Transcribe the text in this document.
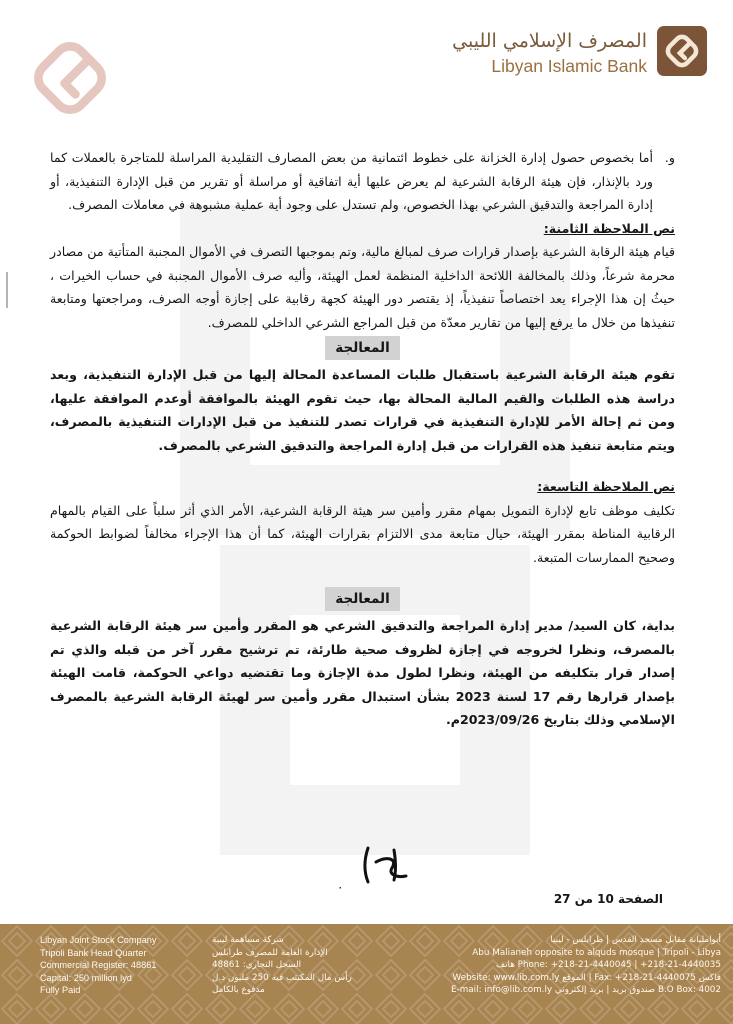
المصرف الإسلامي الليبي
Libyan Islamic Bank

و.
أما بخصوص حصول إدارة الخزانة على خطوط ائتمانية من بعض المصارف التقليدية المراسلة للمتاجرة بالعملات كما ورد بالإنذار، فإن هيئة الرقابة الشرعية لم يعرض عليها أية اتفاقية أو مراسلة أو تقرير من قبل الإدارة التنفيذية، أو إدارة المراجعة والتدقيق الشرعي بهذا الخصوص، ولم تستدل على وجود أية عملية مشبوهة في معاملات المصرف.

نص الملاحظة الثامنة:

قيام هيئة الرقابة الشرعية بإصدار قرارات صرف لمبالغ مالية، وتم بموجبها التصرف في الأموال المجنبة المتأتية من مصادر محرمة شرعاً، وذلك بالمخالفة اللائحة الداخلية المنظمة لعمل الهيئة، وأليه صرف الأموال المجنبة في حساب الخيرات ، حيثُ إن هذا الإجراء يعد اختصاصاً تنفيذياً، إذ يقتصر دور الهيئة كجهة رقابية على إجازة أوجه الصرف، ومراجعتها ومتابعة تنفيذها من خلال ما يرفع إليها من تقارير معدّة من قبل المراجع الشرعي الداخلي للمصرف.

المعالجة

تقوم هيئة الرقابة الشرعية باستقبال طلبات المساعدة المحالة إليها من قبل الإدارة التنفيذية، وبعد دراسة هذه الطلبات والقيم المالية المحالة بها، حيث تقوم الهيئة بالموافقة أوعدم الموافقة عليها، ومن ثم إحالة الأمر للإدارة التنفيذية في قرارات تصدر للتنفيذ من قبل الإدارات التنفيذية بالمصرف، ويتم متابعة تنفيذ هذه القرارات من قبل إدارة المراجعة والتدقيق الشرعي بالمصرف.

نص الملاحظة التاسعة:

تكليف موظف تابع لإدارة التمويل بمهام مقرر وأمين سر هيئة الرقابة الشرعية، الأمر الذي أثر سلباً على القيام بالمهام الرقابية المناطة بمقرر الهيئة، حيال متابعة مدى الالتزام بقرارات الهيئة، كما أن هذا الإجراء مخالفاً لضوابط الحوكمة وصحيح الممارسات المتبعة.

المعالجة

بداية، كان السيد/ مدير إدارة المراجعة والتدقيق الشرعي هو المقرر وأمين سر هيئة الرقابة الشرعية بالمصرف، ونظرا لخروجه في إجازة لظروف صحية طارئة، تم ترشيح مقرر آخر من قبله والذي تم إصدار قرار بتكليفه من الهيئة، ونظرا لطول مدة الإجازة وما تقتضيه دواعي الحوكمة، قامت الهيئة بإصدار قرارها رقم 17 لسنة 2023 بشأن استبدال مقرر وأمين سر لهيئة الرقابة الشرعية بالمصرف الإسلامي وذلك بتاريخ 2023/09/26م.

٠
الصفحة 10 من 27
Libyan Joint Stock Company
Tripoli Bank Head Quarter
Commercial Register: 48861
Capital: 250 million lyd
Fully Paid
شركة مساهمة ليبية
الإدارة العامة للمصرف طرابلس
السجل التجاري: 48861
رأس مال المكتتب فيه 250 مليون د.ل
مدفوع بالكامل
أبوامليانة مقابل مسجد القدس | طرابلس - ليبيا
Abu Malianeh opposite to alquds mosque | Tripoli - Libya
Phone: +218-21-4440045 | +218-21-4440035 هاتف
فاكس Fax: +218-21-4440075 | الموقع Website: www.lib.com.ly
B.O Box: 4002 صندوق بريد | بريد إلكتروني E-mail: info@lib.com.ly
